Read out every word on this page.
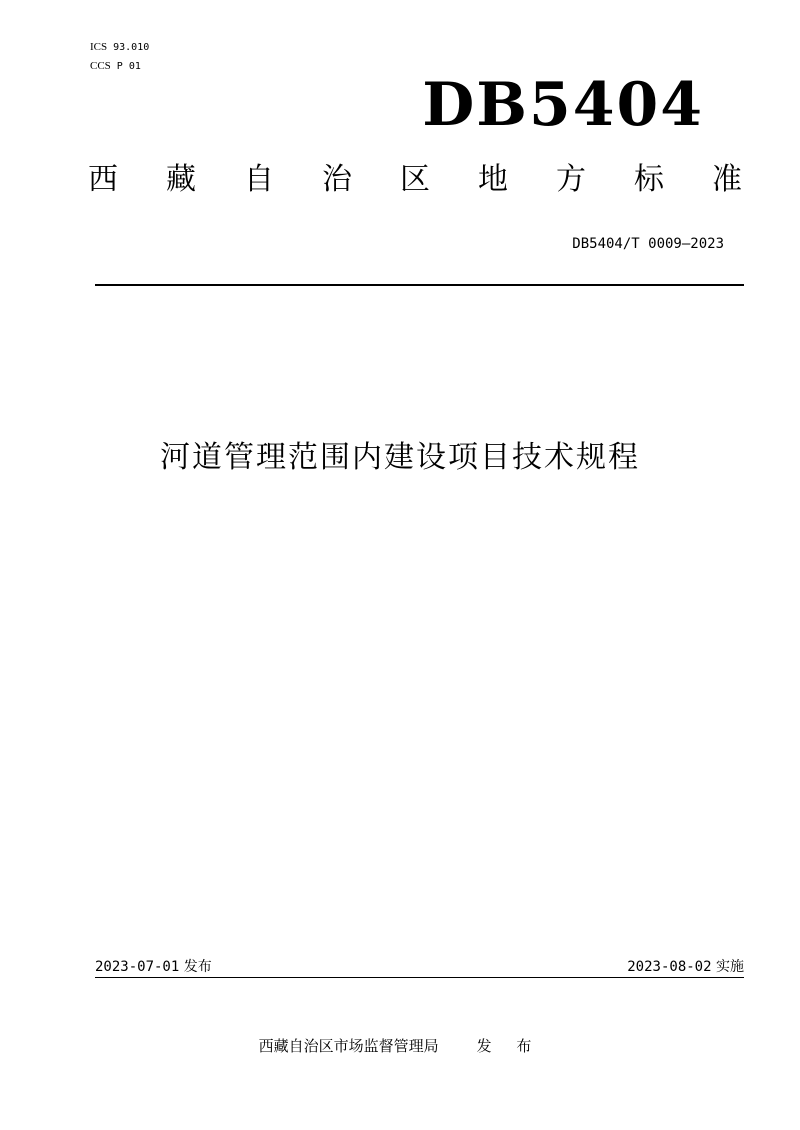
ICS 93.010
CCS P 01
DB5404
西 藏 自 治 区 地 方 标 准
DB5404/T 0009—2023
河道管理范围内建设项目技术规程
2023-07-01 发布	2023-08-02 实施
西藏自治区市场监督管理局	发 布
